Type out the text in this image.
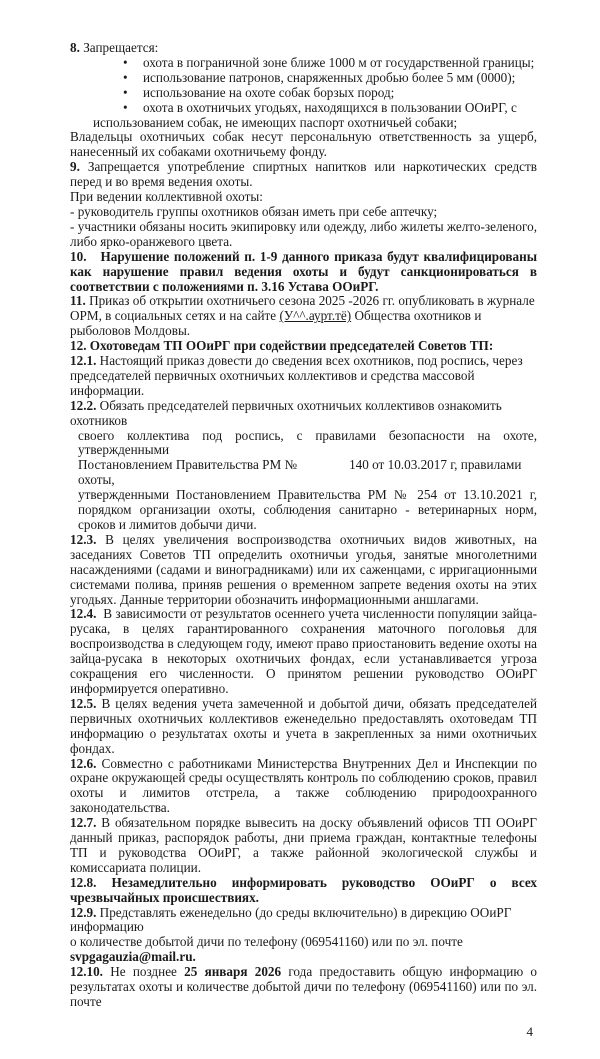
8. Запрещается:

• охота в пограничной зоне ближе 1000 м от государственной границы;

• использование патронов, снаряженных дробью более 5 мм (0000);

• использование на охоте собак борзых пород;

• охота в охотничьих угодьях, находящихся в пользовании ООиРГ, с

использованием собак, не имеющих паспорт охотничьей собаки;

Владельцы охотничьих собак несут персональную ответственность за ущерб, нанесенный их собаками охотничьему фонду.

9. Запрещается употребление спиртных напитков или наркотических средств перед и во время ведения охоты.

При ведении коллективной охоты:

- руководитель группы охотников обязан иметь при себе аптечку;

- участники обязаны носить экипировку или одежду, либо жилеты желто-зеленого, либо ярко-оранжевого цвета.

10. Нарушение положений п. 1-9 данного приказа будут квалифицированы как нарушение правил ведения охоты и будут санкционироваться в соответствии с положениями п. 3.16 Устава ООиРГ.

11. Приказ об открытии охотничьего сезона 2025 -2026 гг. опубликовать в журнале ОРМ, в социальных сетях и на сайте (У^^.аурт.тё) Общества охотников и рыболовов Молдовы.

12. Охотоведам ТП ООиРГ при содействии председателей Советов ТП:

12.1. Настоящий приказ довести до сведения всех охотников, под роспись, через председателей первичных охотничьих коллективов и средства массовой информации.

12.2. Обязать председателей первичных охотничьих коллективов ознакомить охотников

своего коллектива под роспись, с правилами безопасности на охоте, утвержденными

Постановлением Правительства РМ №	140 от 10.03.2017 г, правилами охоты,

утвержденными Постановлением Правительства РМ № 254 от 13.10.2021 г, порядком организации охоты, соблюдения санитарно - ветеринарных норм, сроков и лимитов добычи дичи.

12.3. В целях увеличения воспроизводства охотничьих видов животных, на заседаниях Советов ТП определить охотничьи угодья, занятые многолетними насаждениями (садами и виноградниками) или их саженцами, с ирригационными системами полива, приняв решения о временном запрете ведения охоты на этих угодьях. Данные территории обозначить информационными аншлагами.

12.4. В зависимости от результатов осеннего учета численности популяции зайца-русака, в целях гарантированного сохранения маточного поголовья для воспроизводства в следующем году, имеют право приостановить ведение охоты на зайца-русака в некоторых охотничьих фондах, если устанавливается угроза сокращения его численности. О принятом решении руководство ООиРГ информируется оперативно.

12.5. В целях ведения учета замеченной и добытой дичи, обязать председателей первичных охотничьих коллективов еженедельно предоставлять охотоведам ТП информацию о результатах охоты и учета в закрепленных за ними охотничьих фондах.

12.6. Совместно с работниками Министерства Внутренних Дел и Инспекции по охране окружающей среды осуществлять контроль по соблюдению сроков, правил охоты и лимитов отстрела, а также соблюдению природоохранного законодательства.

12.7. В обязательном порядке вывесить на доску объявлений офисов ТП ООиРГ данный приказ, распорядок работы, дни приема граждан, контактные телефоны ТП и руководства ООиРГ, а также районной экологической службы и комиссариата полиции.

12.8. Незамедлительно информировать руководство ООиРГ о всех чрезвычайных происшествиях.

12.9. Представлять еженедельно (до среды включительно) в дирекцию ООиРГ информацию

о количестве добытой дичи по телефону (069541160) или по эл. почте

svpgagauzia@mail.ru.

12.10. Не позднее 25 января 2026 года предоставить общую информацию о результатах охоты и количестве добытой дичи по телефону (069541160) или по эл. почте

4
